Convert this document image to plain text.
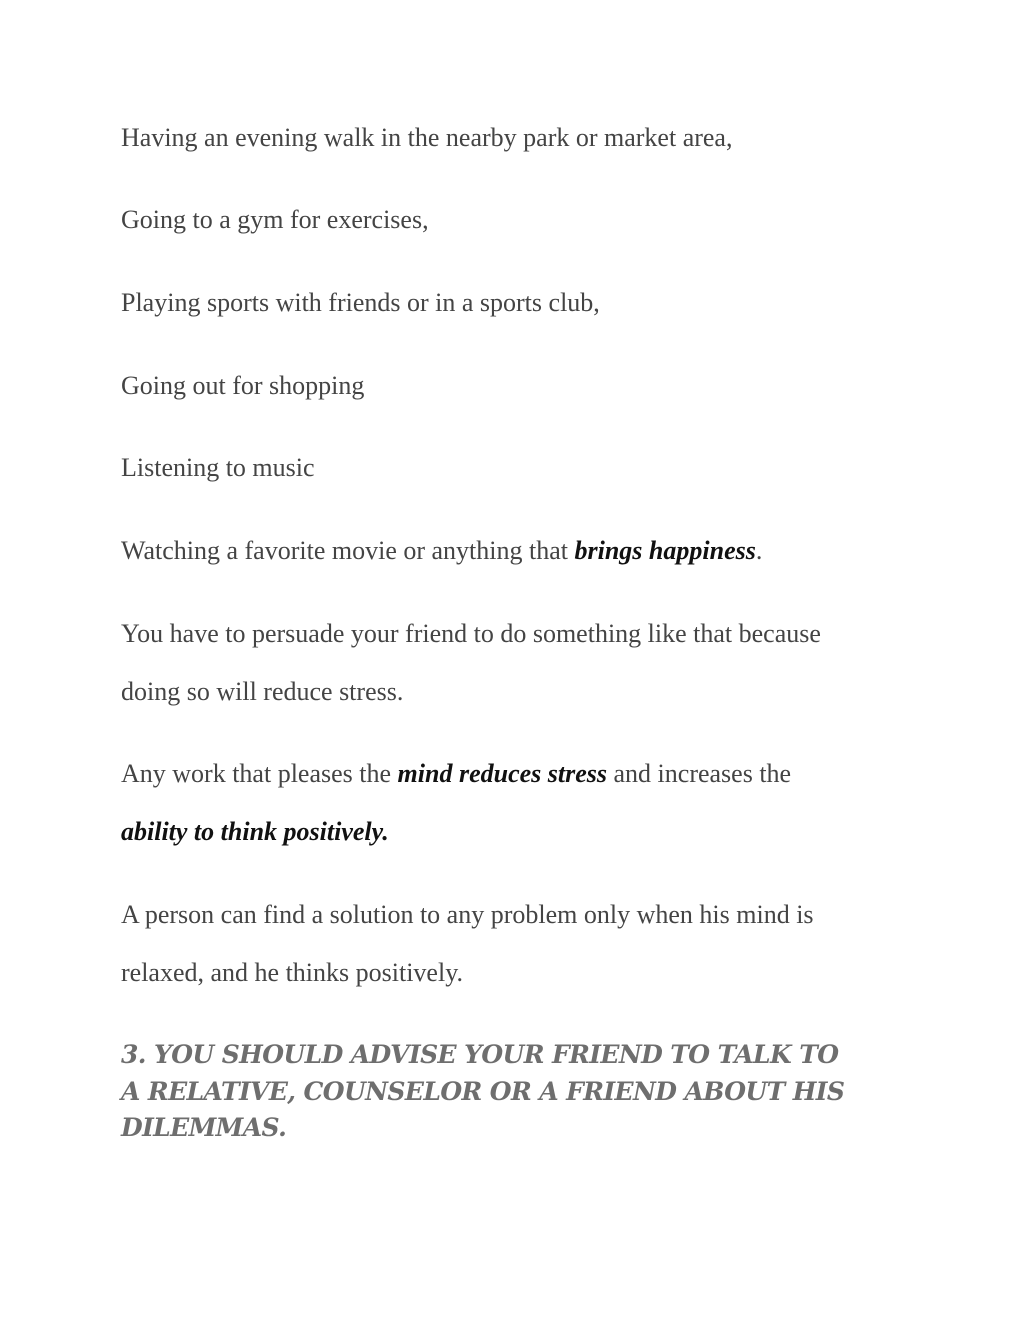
Having an evening walk in the nearby park or market area,

Going to a gym for exercises,

Playing sports with friends or in a sports club,

Going out for shopping

Listening to music

Watching a favorite movie or anything that brings happiness.

You have to persuade your friend to do something like that because
doing so will reduce stress.

Any work that pleases the mind reduces stress and increases the
ability to think positively.

A person can find a solution to any problem only when his mind is
relaxed, and he thinks positively.

3. YOU SHOULD ADVISE YOUR FRIEND TO TALK TO
A RELATIVE, COUNSELOR OR A FRIEND ABOUT HIS
DILEMMAS.
